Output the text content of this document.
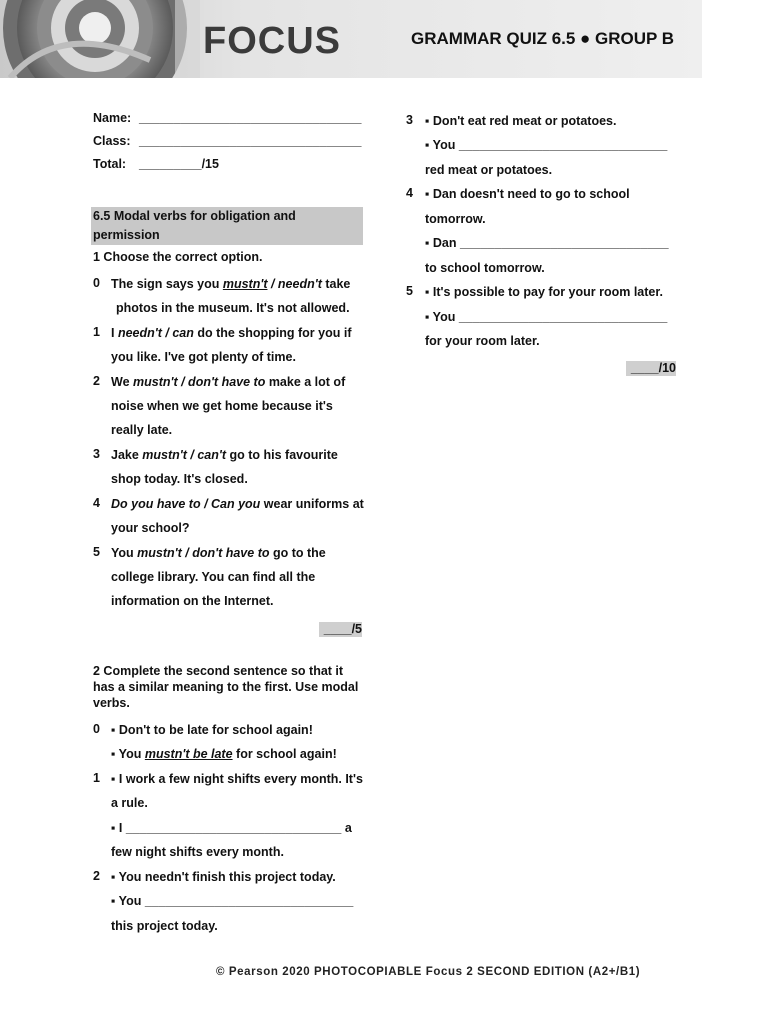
FOCUS	GRAMMAR QUIZ 6.5 ● GROUP B
Name: ________________________________
Class: ________________________________
Total: _________/15
6.5 Modal verbs for obligation and
permission
1 Choose the correct option.
0 The sign says you mustn't / needn't take
photos in the museum. It's not allowed.
1 I needn't / can do the shopping for you if
you like. I've got plenty of time.
2 We mustn't / don't have to make a lot of
noise when we get home because it's
really late.
3 Jake mustn't / can't go to his favourite
shop today. It's closed.
4 Do you have to / Can you wear uniforms at
your school?
5 You mustn't / don't have to go to the
college library. You can find all the
information on the Internet.
____/5
2 Complete the second sentence so that it
has a similar meaning to the first. Use modal
verbs.
0 ▪ Don't to be late for school again!
▪ You mustn't be late for school again!
1 ▪ I work a few night shifts every month. It's
a rule.
▪ I _______________________________ a
few night shifts every month.
2 ▪ You needn't finish this project today.
▪ You ______________________________
this project today.
3 ▪ Don't eat red meat or potatoes.
▪ You ______________________________
red meat or potatoes.
4 ▪ Dan doesn't need to go to school
tomorrow.
▪ Dan ______________________________
to school tomorrow.
5 ▪ It's possible to pay for your room later.
▪ You ______________________________
for your room later.
____/10
© Pearson 2020 PHOTOCOPIABLE Focus 2 SECOND EDITION (A2+/B1)
